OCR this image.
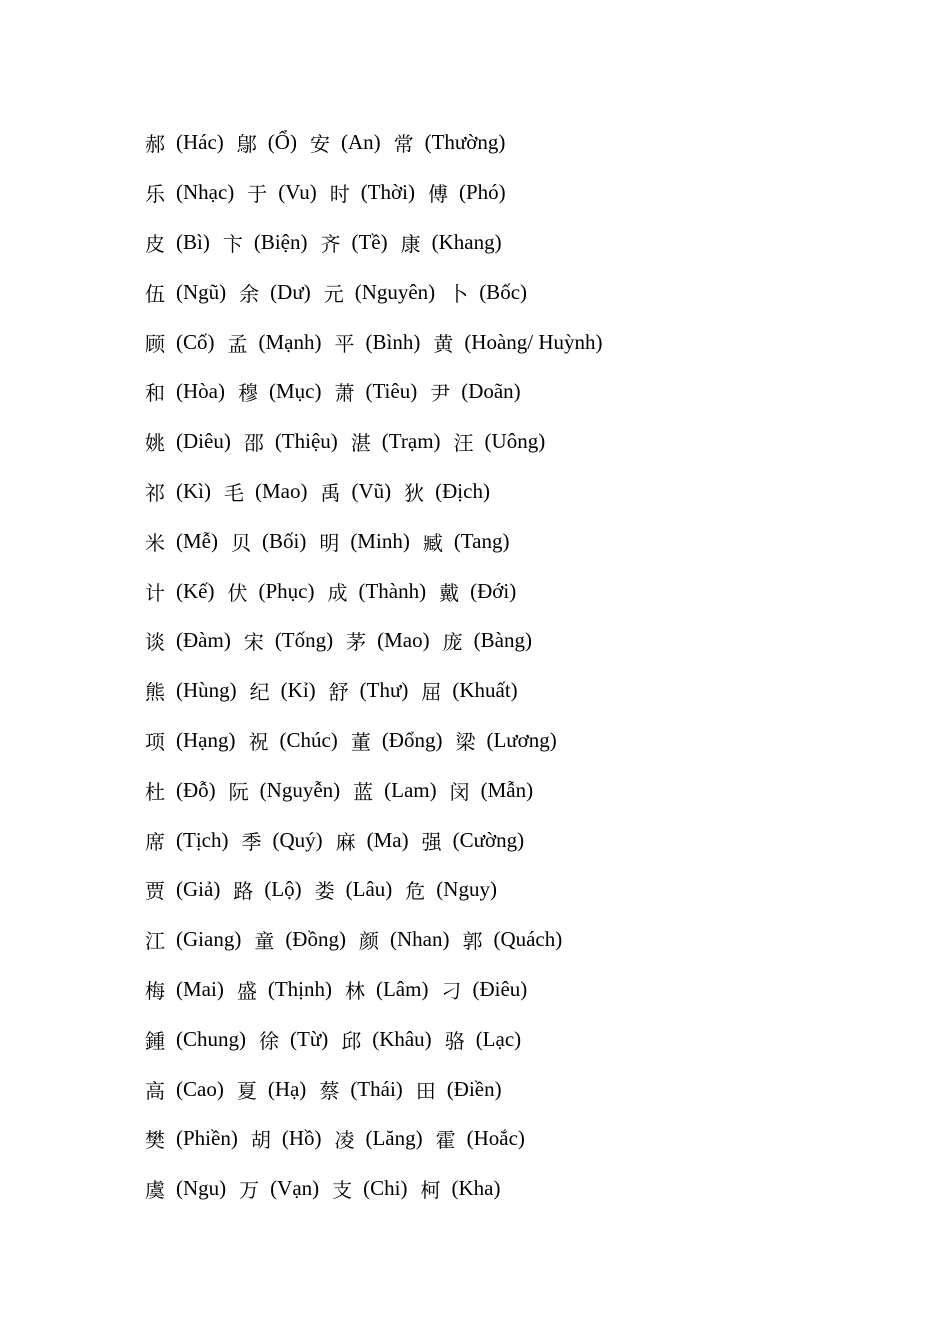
郝 (Hác) 鄔 (Ổ) 安 (An) 常 (Thường)
乐 (Nhạc) 于 (Vu) 时 (Thời) 傅 (Phó)
皮 (Bì) 卞 (Biện) 齐 (Tề) 康 (Khang)
伍 (Ngũ) 余 (Dư) 元 (Nguyên) 卜 (Bốc)
顾 (Cố) 孟 (Mạnh) 平 (Bình) 黄 (Hoàng/ Huỳnh)
和 (Hòa) 穆 (Mục) 萧 (Tiêu) 尹 (Doãn)
姚 (Diêu) 邵 (Thiệu) 湛 (Trạm) 汪 (Uông)
祁 (Kì) 毛 (Mao) 禹 (Vũ) 狄 (Địch)
米 (Mễ) 贝 (Bối) 明 (Minh) 臧 (Tang)
计 (Kế) 伏 (Phục) 成 (Thành) 戴 (Đới)
谈 (Đàm) 宋 (Tống) 茅 (Mao) 庞 (Bàng)
熊 (Hùng) 纪 (Kỉ) 舒 (Thư) 屈 (Khuất)
项 (Hạng) 祝 (Chúc) 董 (Đổng) 梁 (Lương)
杜 (Đỗ) 阮 (Nguyễn) 蓝 (Lam) 闵 (Mẫn)
席 (Tịch) 季 (Quý) 麻 (Ma) 强 (Cường)
贾 (Giả) 路 (Lộ) 娄 (Lâu) 危 (Nguy)
江 (Giang) 童 (Đồng) 颜 (Nhan) 郭 (Quách)
梅 (Mai) 盛 (Thịnh) 林 (Lâm) 刁 (Điêu)
鍾 (Chung) 徐 (Từ) 邱 (Khâu) 骆 (Lạc)
高 (Cao) 夏 (Hạ) 蔡 (Thái) 田 (Điền)
樊 (Phiền) 胡 (Hồ) 凌 (Lăng) 霍 (Hoắc)
虞 (Ngu) 万 (Vạn) 支 (Chi) 柯 (Kha)
